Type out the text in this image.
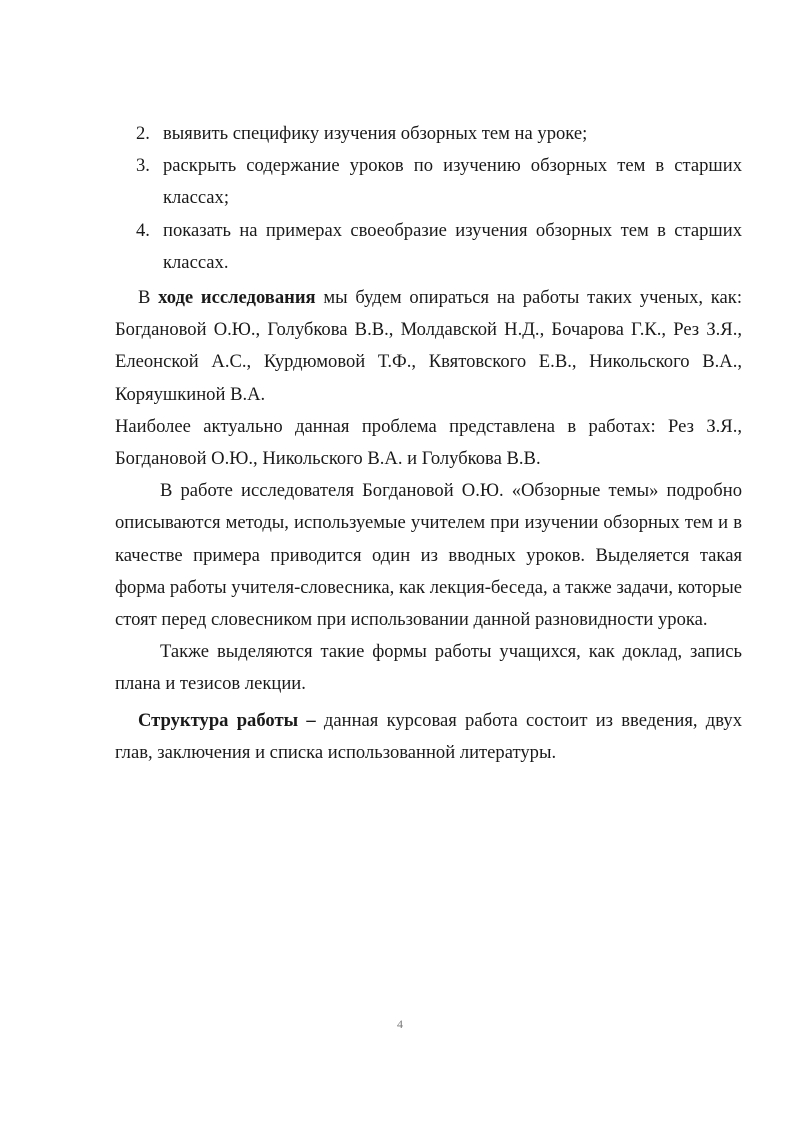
2. выявить специфику изучения обзорных тем на уроке;
3. раскрыть содержание уроков по изучению обзорных тем в старших классах;
4. показать на примерах своеобразие изучения обзорных тем в старших классах.

В ходе исследования мы будем опираться на работы таких ученых, как: Богдановой О.Ю., Голубкова В.В., Молдавской Н.Д., Бочарова Г.К., Рез З.Я., Елеонской А.С., Курдюмовой Т.Ф., Квятовского Е.В., Никольского В.А., Коряушкиной В.А.

Наиболее актуально данная проблема представлена в работах: Рез З.Я., Богдановой О.Ю., Никольского В.А. и Голубкова В.В.

В работе исследователя Богдановой О.Ю. «Обзорные темы» подробно описываются методы, используемые учителем при изучении обзорных тем и в качестве примера приводится один из вводных уроков. Выделяется такая форма работы учителя-словесника, как лекция-беседа, а также задачи, которые стоят перед словесником при использовании данной разновидности урока.

Также выделяются такие формы работы учащихся, как доклад, запись плана и тезисов лекции.

Структура работы – данная курсовая работа состоит из введения, двух глав, заключения и списка использованной литературы.

4
